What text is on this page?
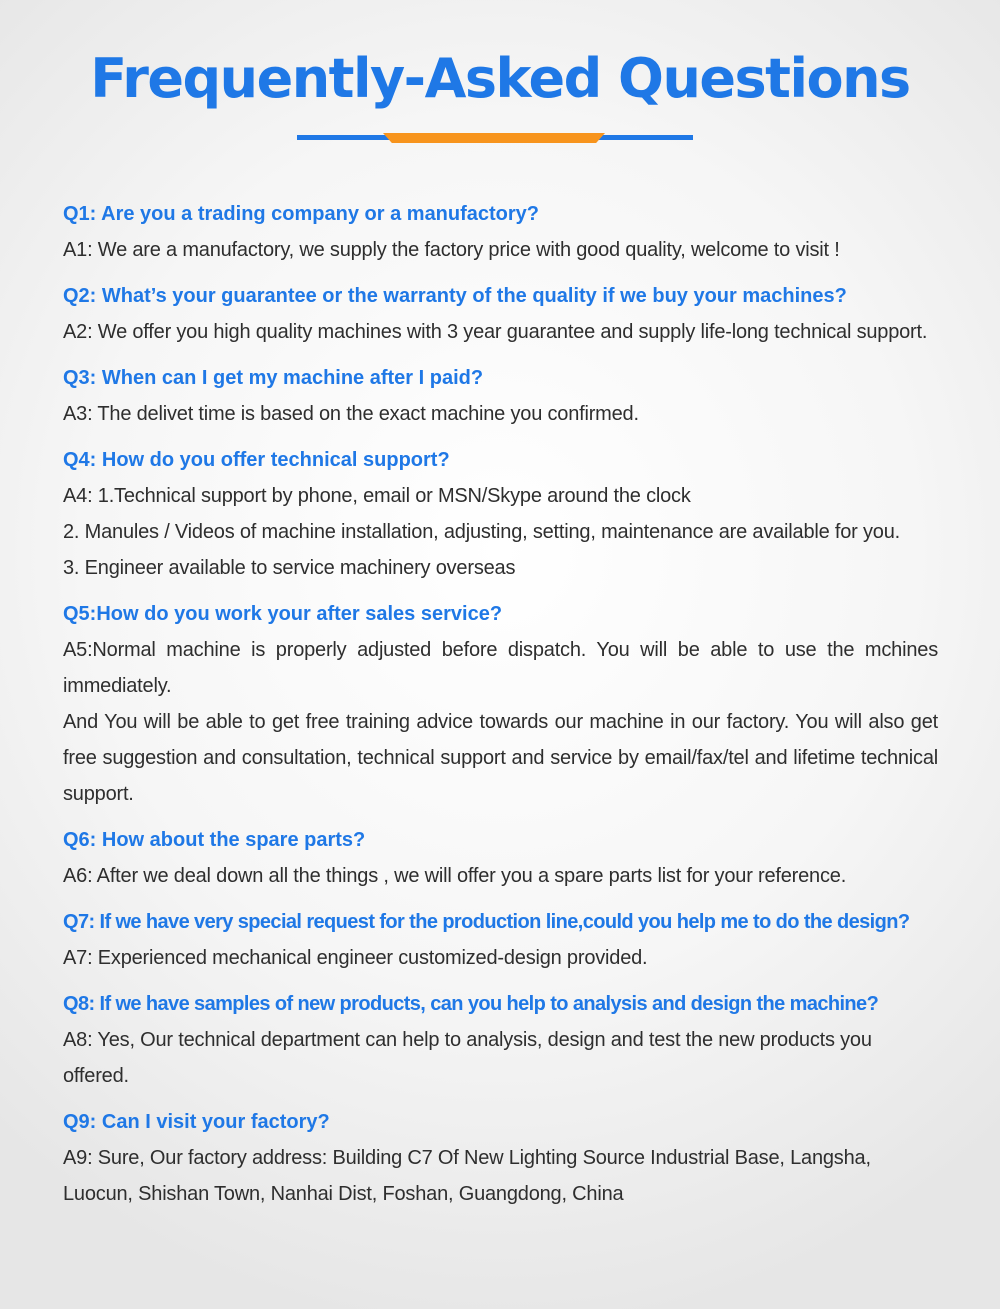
Frequently-Asked Questions
Q1: Are you a trading company or a manufactory?
A1: We are a manufactory, we supply the factory price with good quality, welcome to visit !
Q2: What’s your guarantee or the warranty of the quality if we buy your machines?
A2: We offer you high quality machines with 3 year guarantee and supply life-long technical support.
Q3: When can I get my machine after I paid?
A3: The delivet time is based on the exact machine you confirmed.
Q4: How do you offer technical support?
A4: 1.Technical support by phone, email or MSN/Skype around the clock
2. Manules / Videos of machine installation, adjusting, setting, maintenance are available for you.
3. Engineer available to service machinery overseas
Q5:How do you work your after sales service?
A5:Normal machine is properly adjusted before dispatch. You will be able to use the mchines immediately.
And You will be able to get free training advice towards our machine in our factory. You will also get free suggestion and consultation, technical support and service by email/fax/tel and lifetime technical support.
Q6: How about the spare parts?
A6: After we deal down all the things , we will offer you a spare parts list for your reference.
Q7: If we have very special request for the production line,could you help me to do the design?
A7: Experienced mechanical engineer customized-design provided.
Q8: If we have samples of new products, can you help to analysis and design the machine?
A8: Yes, Our technical department can help to analysis, design and test the new products you offered.
Q9: Can I visit your factory?
A9: Sure, Our factory address: Building C7 Of New Lighting Source Industrial Base, Langsha, Luocun, Shishan Town, Nanhai Dist, Foshan, Guangdong, China
